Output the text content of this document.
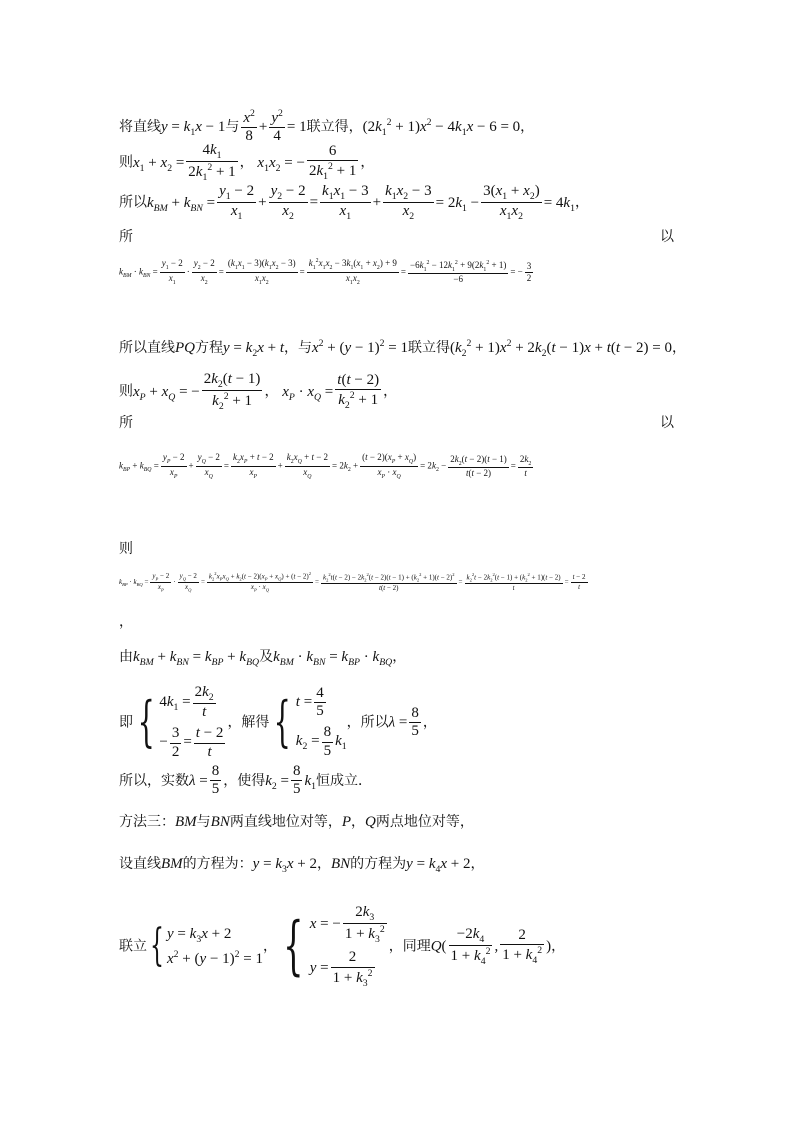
将直线$y = k_1x - 1$与 $\frac{x^2}{8} + \frac{y^2}{4} = 1$联立得，$(2k_1^2 + 1)x^2 - 4k_1x - 6 = 0$，
则$x_1 + x_2 = \frac{4k_1}{2k_1^2 + 1}$ ， $x_1x_2$ = − $\frac{6}{2k_1^2 + 1}$ ，
所以$k_{BM} + k_{BN} = \frac{y_1 - 2}{x_1} + \frac{y_2 - 2}{x_2} = \frac{k_1x_1 - 3}{x_1} + \frac{k_1x_2 - 3}{x_2} = 2k_1 - \frac{3(x_1 + x_2)}{x_1x_2} = 4k_1$，
所	以
$k_{BM} \cdot k_{BN} = \frac{y_1 - 2}{x_1} \cdot \frac{y_2 - 2}{x_2} = \frac{(k_1x_1 - 3)(k_1x_2 - 3)}{x_1x_2} = \frac{k_1^2x_1x_2 - 3k_1(x_1 + x_2) + 9}{x_1x_2} = \frac{-6k_1^2 - 12k_1^2 + 9(2k_1^2 + 1)}{-6}$ = − $\frac{3}{2}$
所以直线PQ方程$y = k_2x + t$，与$x^2 + (y - 1)^2 = 1$联立得$(k_2^2 + 1)x^2 + 2k_2(t - 1)x + t(t - 2) = 0$，
则$x_P + x_Q$ = − $\frac{2k_2(t - 1)}{k_2^2 + 1}$ ， $x_P \cdot x_Q = \frac{t(t - 2)}{k_2^2 + 1}$ ，
所	以
$k_{BP} + k_{BQ} = \frac{y_P - 2}{x_P} + \frac{y_Q - 2}{x_Q} = \frac{k_2x_P + t - 2}{x_P} + \frac{k_2x_Q + t - 2}{x_Q} = 2k_2 + \frac{(t - 2)(x_P + x_Q)}{x_P \cdot x_Q} = 2k_2 - \frac{2k_2(t - 2)(t - 1)}{t(t - 2)} = \frac{2k_2}{t}$
则
$k_{BP} \cdot k_{BQ} = \frac{y_P - 2}{x_P} \cdot \frac{y_Q - 2}{x_Q} = \frac{k_2^2x_Px_Q + k_2(t - 2)(x_P + x_Q) + (t - 2)^2}{x_P \cdot x_Q} = \frac{k_2^2t(t - 2) - 2k_2^2(t - 2)(t - 1) + (k_2^2 + 1)(t - 2)^2}{t(t - 2)} = \frac{k_2^2t - 2k_2^2(t - 1) + (k_2^2 + 1)(t - 2)}{t} = \frac{t - 2}{t}$
，
由$k_{BM} + k_{BN} = k_{BP} + k_{BQ}$及$k_{BM} \cdot k_{BN} = k_{BP} \cdot k_{BQ}$，
即{ $4k_1 = \frac{2k_2}{t}$
− $\frac{3}{2} = \frac{t - 2}{t}$
，解得{ $t = \frac{4}{5}$
$k_2 = \frac{8}{5} k_1$
，所以$\lambda = \frac{8}{5}$ ，
所以，实数$\lambda = \frac{8}{5}$ ，使得$k_2 = \frac{8}{5} k_1$恒成立．
方法三：BM与BN两直线地位对等，P，Q两点地位对等，
设直线BM的方程为：$y = k_3x + 2$，BN的方程为$y = k_4x + 2$，
联立{ $y = k_3x + 2$
$x^2 + (y - 1)^2 = 1$
，{ x = − $\frac{2k_3}{1 + k_3^2}$
$y = \frac{2}{1 + k_3^2}$
，同理$Q( \frac{-2k_4}{1 + k_4^2}$ , $\frac{2}{1 + k_4^2}$ )，
